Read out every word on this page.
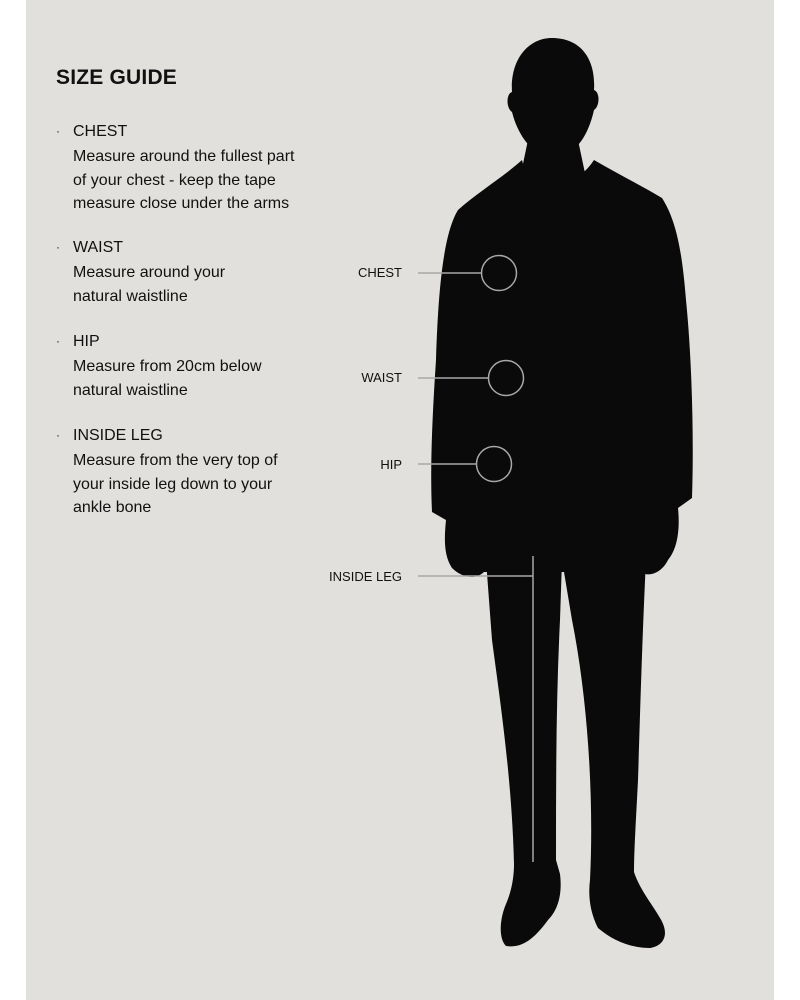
SIZE GUIDE
· CHEST
Measure around the fullest part
of your chest - keep the tape
measure close under the arms
· WAIST
Measure around your
natural waistline
· HIP
Measure from 20cm below
natural waistline
· INSIDE LEG
Measure from the very top of
your inside leg down to your
ankle bone
CHEST
WAIST
HIP
INSIDE LEG
